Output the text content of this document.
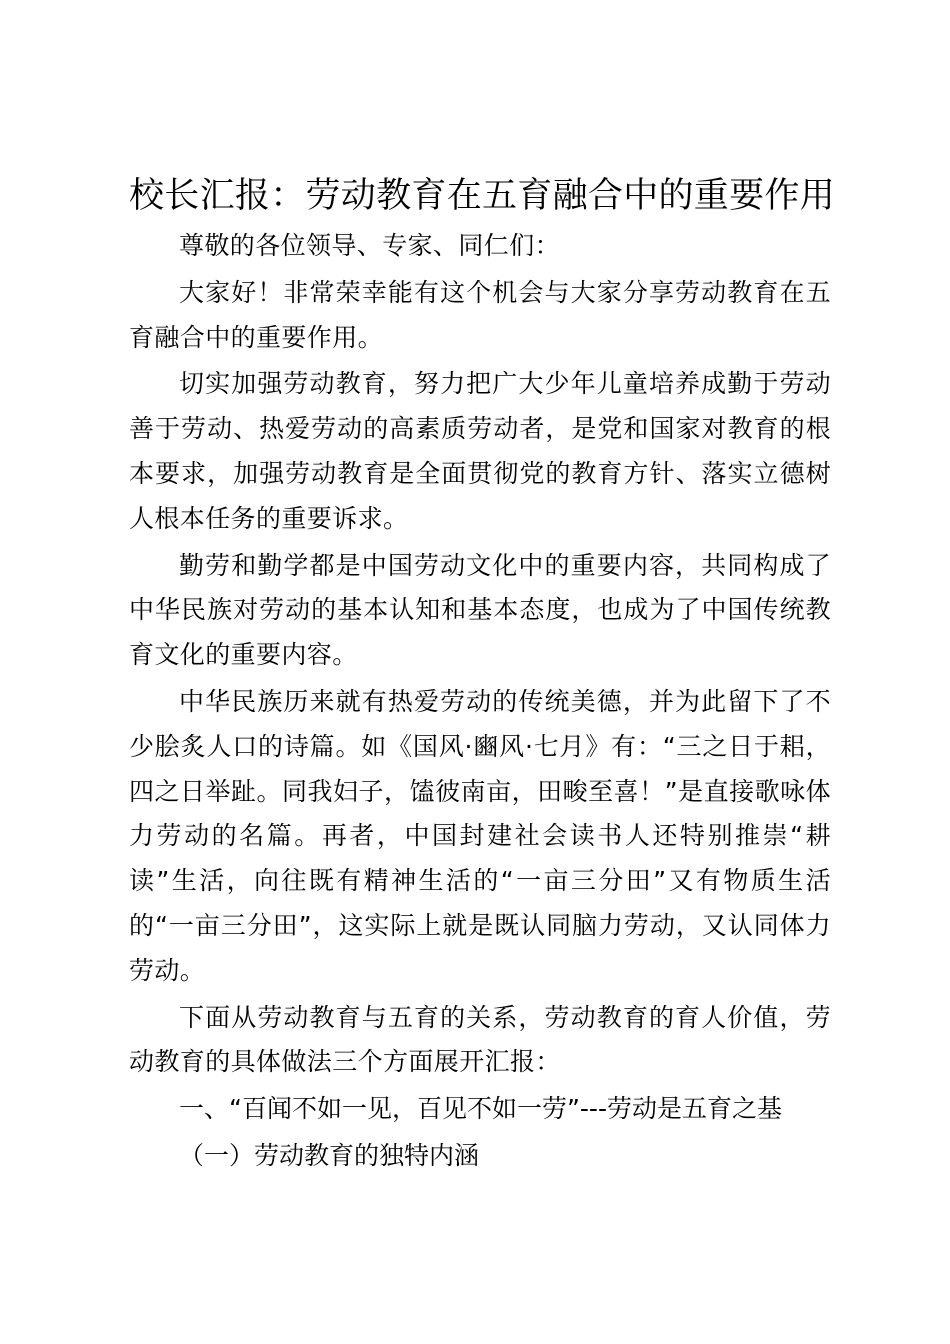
校长汇报：劳动教育在五育融合中的重要作用

尊敬的各位领导、专家、同仁们：

大家好！非常荣幸能有这个机会与大家分享劳动教育在五育融合中的重要作用。

切实加强劳动教育，努力把广大少年儿童培养成勤于劳动善于劳动、热爱劳动的高素质劳动者，是党和国家对教育的根本要求，加强劳动教育是全面贯彻党的教育方针、落实立德树人根本任务的重要诉求。

勤劳和勤学都是中国劳动文化中的重要内容，共同构成了中华民族对劳动的基本认知和基本态度，也成为了中国传统教育文化的重要内容。

中华民族历来就有热爱劳动的传统美德，并为此留下了不少脍炙人口的诗篇。如《国风·豳风·七月》有：“三之日于耜，四之日举趾。同我妇子，馌彼南亩，田畯至喜！”是直接歌咏体力劳动的名篇。再者，中国封建社会读书人还特别推崇“耕读”生活，向往既有精神生活的“一亩三分田”又有物质生活的“一亩三分田”，这实际上就是既认同脑力劳动，又认同体力劳动。

下面从劳动教育与五育的关系，劳动教育的育人价值，劳动教育的具体做法三个方面展开汇报：

一、“百闻不如一见，百见不如一劳”---劳动是五育之基

（一）劳动教育的独特内涵
